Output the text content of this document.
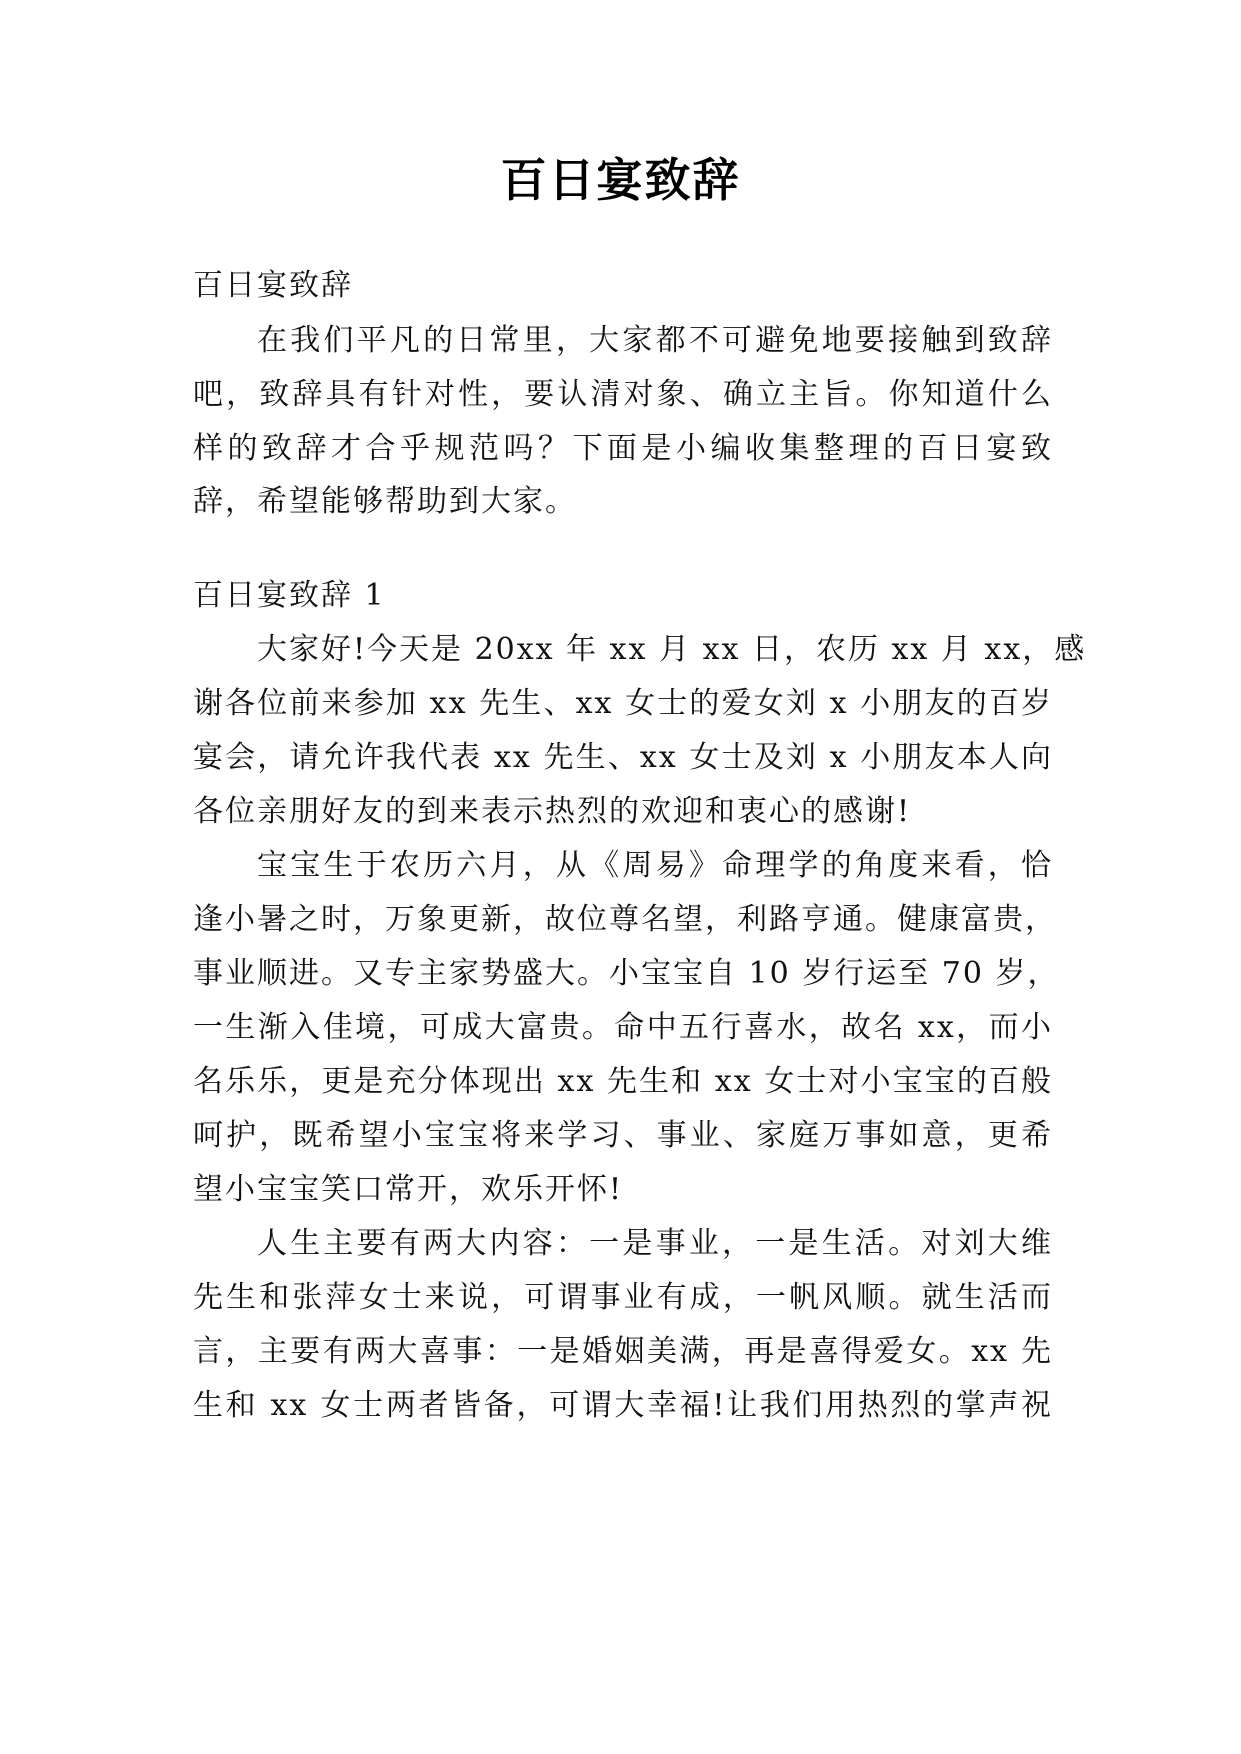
百日宴致辞
百日宴致辞
在我们平凡的日常里，大家都不可避免地要接触到致辞
吧，致辞具有针对性，要认清对象、确立主旨。你知道什么
样的致辞才合乎规范吗？下面是小编收集整理的百日宴致
辞，希望能够帮助到大家。
百日宴致辞 1
大家好!今天是 20xx 年 xx 月 xx 日，农历 xx 月 xx，感
谢各位前来参加 xx 先生、xx 女士的爱女刘 x 小朋友的百岁
宴会，请允许我代表 xx 先生、xx 女士及刘 x 小朋友本人向
各位亲朋好友的到来表示热烈的欢迎和衷心的感谢!
宝宝生于农历六月，从《周易》命理学的角度来看，恰
逢小暑之时，万象更新，故位尊名望，利路亨通。健康富贵，
事业顺进。又专主家势盛大。小宝宝自 10 岁行运至 70 岁，
一生渐入佳境，可成大富贵。命中五行喜水，故名 xx，而小
名乐乐，更是充分体现出 xx 先生和 xx 女士对小宝宝的百般
呵护，既希望小宝宝将来学习、事业、家庭万事如意，更希
望小宝宝笑口常开，欢乐开怀!
人生主要有两大内容：一是事业，一是生活。对刘大维
先生和张萍女士来说，可谓事业有成，一帆风顺。就生活而
言，主要有两大喜事：一是婚姻美满，再是喜得爱女。xx 先
生和 xx 女士两者皆备，可谓大幸福!让我们用热烈的掌声祝
